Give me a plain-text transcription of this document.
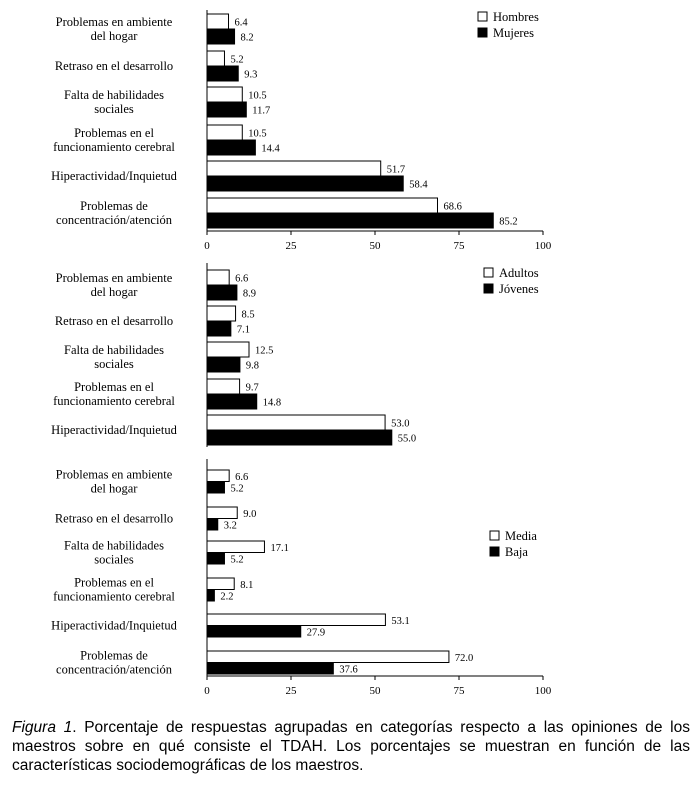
Problemas en ambiente
del hogar
6.4
8.2
Retraso en el desarrollo	5.2
9.3
Falta de habilidades
sociales
10.5
11.7
Problemas en el
funcionamiento cerebral
10.5
14.4
Hiperactividad/Inquietud	51.7
58.4
Problemas de
concentración/atención
68.6
85.2
0	25	50	75	100
Hombres
Mujeres
Problemas en ambiente
del hogar
6.6
8.9
Retraso en el desarrollo	8.5
7.1
Falta de habilidades
sociales
12.5
9.8
Problemas en el
funcionamiento cerebral
9.7
14.8
Hiperactividad/Inquietud	53.0
55.0
Adultos
Jóvenes
Problemas en ambiente
del hogar
6.6
5.2
Retraso en el desarrollo	9.0
3.2
Falta de habilidades
sociales
17.1
5.2
Problemas en el
funcionamiento cerebral
8.1
2.2
Hiperactividad/Inquietud	53.1
27.9
Problemas de
concentración/atención
72.0
37.6
0	25	50	75	100
Media
Baja
Figura 1. Porcentaje de respuestas agrupadas en categorías respecto a las opiniones de los maestros sobre en qué consiste el TDAH. Los porcentajes se muestran en función de las características sociodemográficas de los maestros.
